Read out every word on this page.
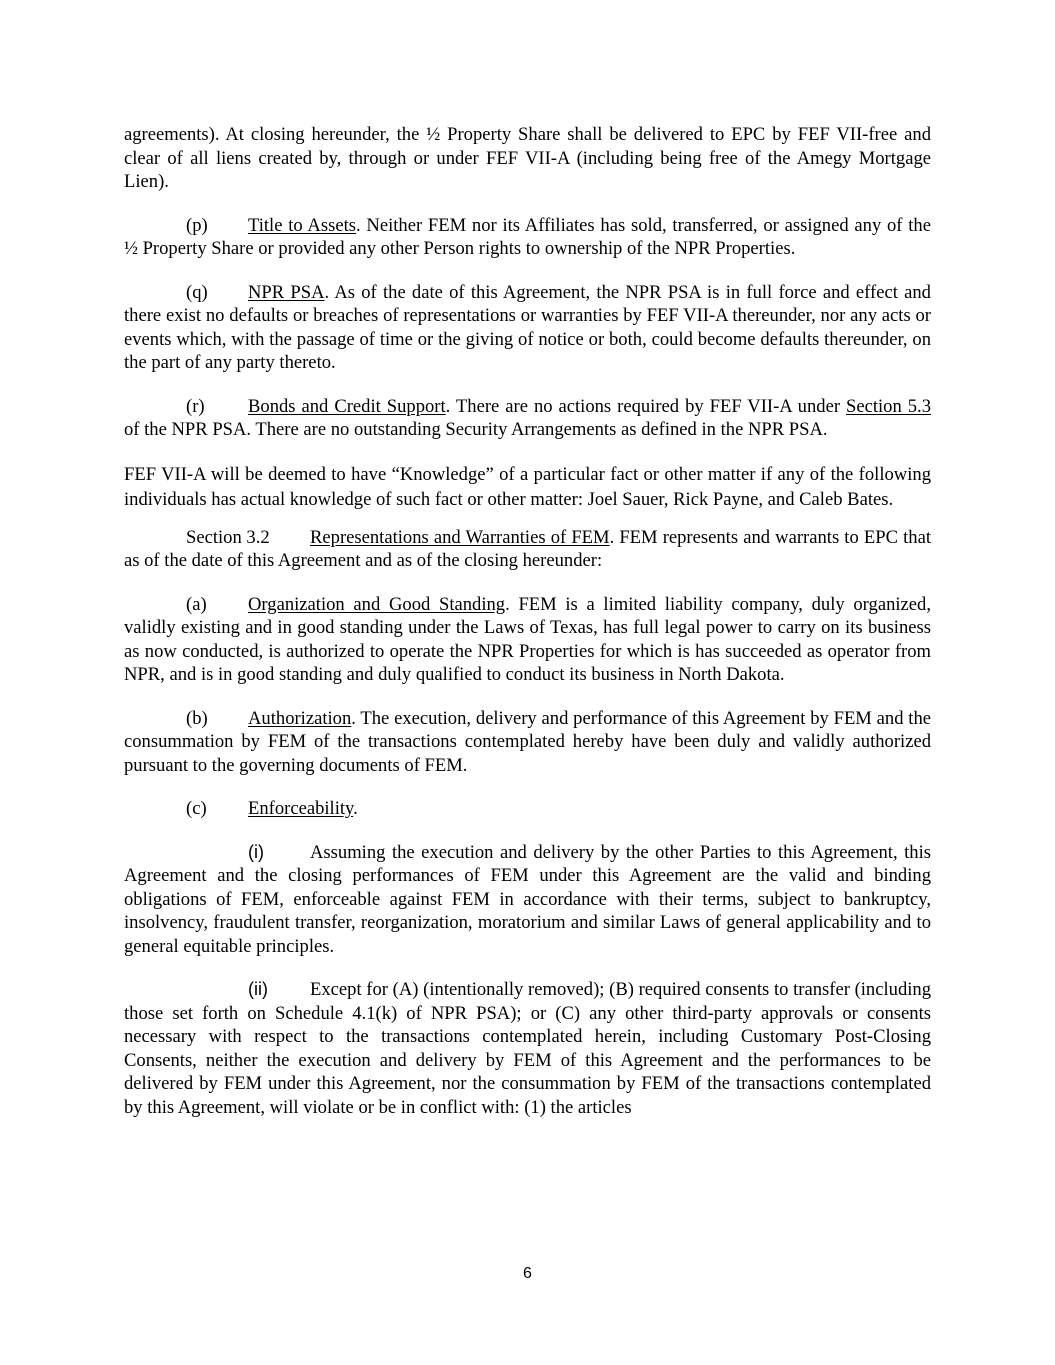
agreements). At closing hereunder, the ½ Property Share shall be delivered to EPC by FEF VII-free and clear of all liens created by, through or under FEF VII-A (including being free of the Amegy Mortgage Lien).

(p) Title to Assets. Neither FEM nor its Affiliates has sold, transferred, or assigned any of the ½ Property Share or provided any other Person rights to ownership of the NPR Properties.

(q) NPR PSA. As of the date of this Agreement, the NPR PSA is in full force and effect and there exist no defaults or breaches of representations or warranties by FEF VII-A thereunder, nor any acts or events which, with the passage of time or the giving of notice or both, could become defaults thereunder, on the part of any party thereto.

(r) Bonds and Credit Support. There are no actions required by FEF VII-A under Section 5.3 of the NPR PSA. There are no outstanding Security Arrangements as defined in the NPR PSA.

FEF VII-A will be deemed to have “Knowledge” of a particular fact or other matter if any of the following individuals has actual knowledge of such fact or other matter: Joel Sauer, Rick Payne, and Caleb Bates.

Section 3.2 Representations and Warranties of FEM. FEM represents and warrants to EPC that as of the date of this Agreement and as of the closing hereunder:

(a) Organization and Good Standing. FEM is a limited liability company, duly organized, validly existing and in good standing under the Laws of Texas, has full legal power to carry on its business as now conducted, is authorized to operate the NPR Properties for which is has succeeded as operator from NPR, and is in good standing and duly qualified to conduct its business in North Dakota.

(b) Authorization. The execution, delivery and performance of this Agreement by FEM and the consummation by FEM of the transactions contemplated hereby have been duly and validly authorized pursuant to the governing documents of FEM.

(c) Enforceability.

(i) Assuming the execution and delivery by the other Parties to this Agreement, this Agreement and the closing performances of FEM under this Agreement are the valid and binding obligations of FEM, enforceable against FEM in accordance with their terms, subject to bankruptcy, insolvency, fraudulent transfer, reorganization, moratorium and similar Laws of general applicability and to general equitable principles.

(ii) Except for (A) (intentionally removed); (B) required consents to transfer (including those set forth on Schedule 4.1(k) of NPR PSA); or (C) any other third-party approvals or consents necessary with respect to the transactions contemplated herein, including Customary Post-Closing Consents, neither the execution and delivery by FEM of this Agreement and the performances to be delivered by FEM under this Agreement, nor the consummation by FEM of the transactions contemplated by this Agreement, will violate or be in conflict with: (1) the articles

6
